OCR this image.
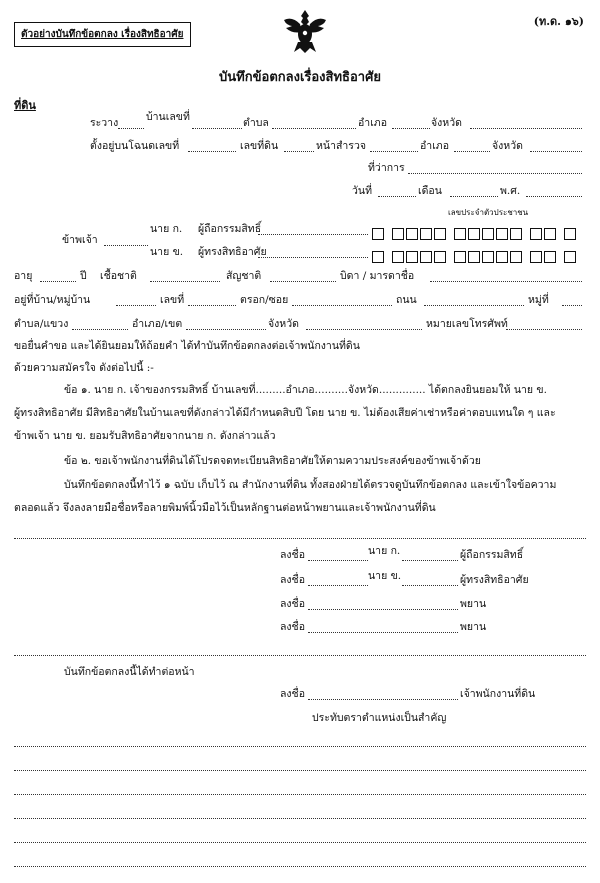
ตัวอย่างบันทึกข้อตกลง เรื่องสิทธิอาศัย
(ท.ด. ๑๖)
บันทึกข้อตกลงเรื่องสิทธิอาศัย
ที่ดิน
ระวาง	บ้านเลขที่	ตำบล	อำเภอ	จังหวัด
ตั้งอยู่บนโฉนดเลขที่	เลขที่ดิน	หน้าสำรวจ	อำเภอ	จังหวัด
ที่ว่าการ
วันที่	เดือน	พ.ศ.
เลขประจำตัวประชาชน
ข้าพเจ้า
นาย ก. ผู้ถือกรรมสิทธิ์
นาย ข. ผู้ทรงสิทธิอาศัย
อายุ	ปี เชื้อชาติ	สัญชาติ	บิดา / มารดาชื่อ
อยู่ที่บ้าน/หมู่บ้าน	เลขที่	ตรอก/ซอย	ถนน	หมู่ที่
ตำบล/แขวง	อำเภอ/เขต	จังหวัด	หมายเลขโทรศัพท์
ขอยื่นคำขอ และได้ยินยอมให้ถ้อยคำ ได้ทำบันทึกข้อตกลงต่อเจ้าพนักงานที่ดิน
ด้วยความสมัครใจ ดังต่อไปนี้ :-
ข้อ ๑. นาย ก. เจ้าของกรรมสิทธิ์ บ้านเลขที่.........อำเภอ..........จังหวัด.............. ได้ตกลงยินยอมให้ นาย ข.
ผู้ทรงสิทธิอาศัย มีสิทธิอาศัยในบ้านเลขที่ดังกล่าวได้มีกำหนดสิบปี โดย นาย ข. ไม่ต้องเสียค่าเช่าหรือค่าตอบแทนใด ๆ และ
ข้าพเจ้า นาย ข. ยอมรับสิทธิอาศัยจากนาย ก. ดังกล่าวแล้ว
ข้อ ๒. ขอเจ้าพนักงานที่ดินได้โปรดจดทะเบียนสิทธิอาศัยให้ตามความประสงค์ของข้าพเจ้าด้วย
บันทึกข้อตกลงนี้ทำไว้ ๑ ฉบับ เก็บไว้ ณ สำนักงานที่ดิน ทั้งสองฝ่ายได้ตรวจดูบันทึกข้อตกลง และเข้าใจข้อความ
ตลอดแล้ว จึงลงลายมือชื่อหรือลายพิมพ์นิ้วมือไว้เป็นหลักฐานต่อหน้าพยานและเจ้าพนักงานที่ดิน
ลงชื่อ	นาย ก.	ผู้ถือกรรมสิทธิ์
ลงชื่อ	นาย ข.	ผู้ทรงสิทธิอาศัย
ลงชื่อ	พยาน
ลงชื่อ	พยาน
บันทึกข้อตกลงนี้ได้ทำต่อหน้า
ลงชื่อ	เจ้าพนักงานที่ดิน
ประทับตราตำแหน่งเป็นสำคัญ
